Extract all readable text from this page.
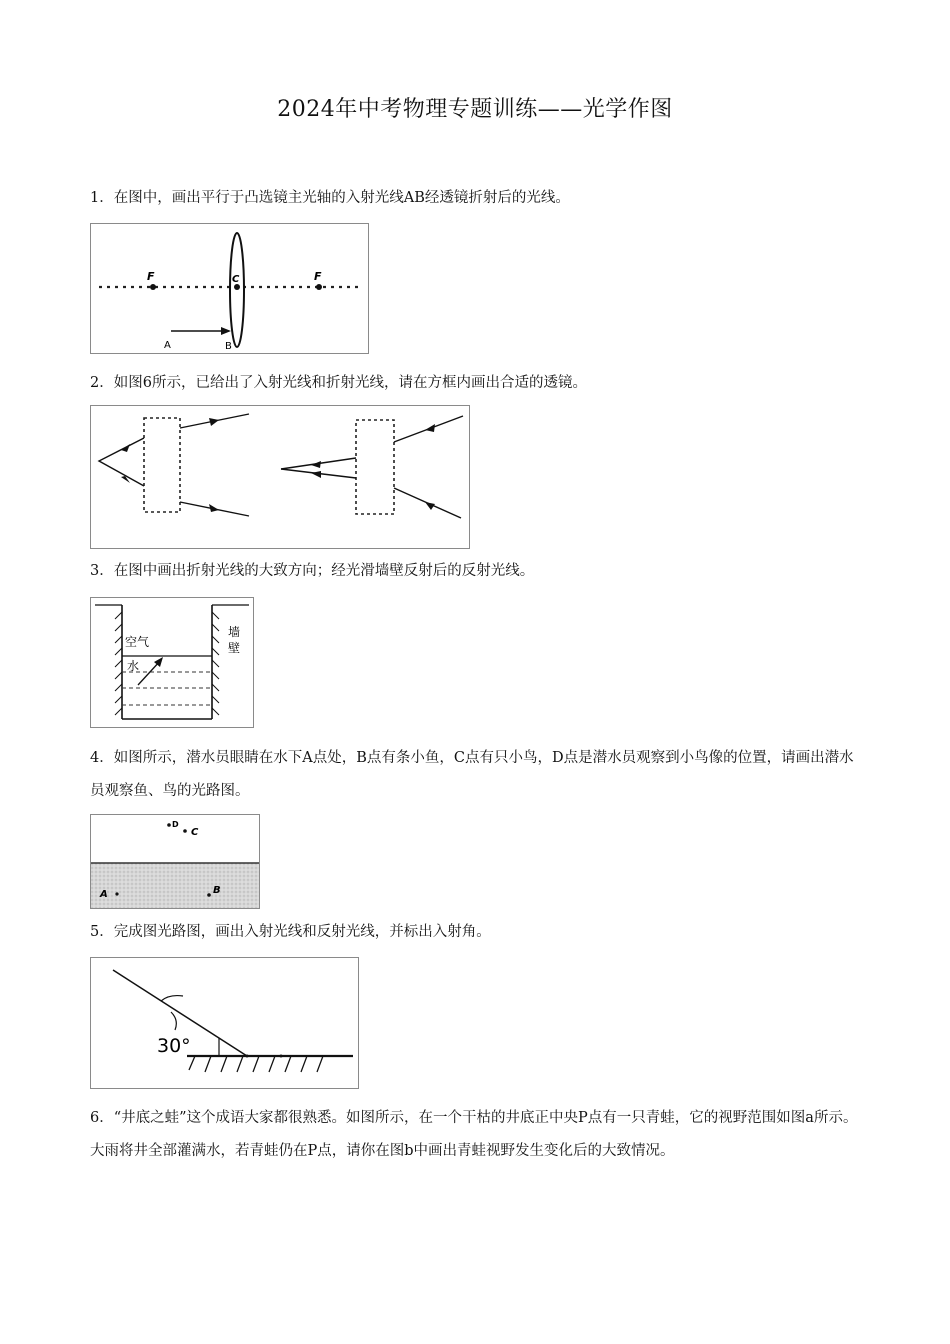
2024年中考物理专题训练——光学作图
1．在图中，画出平行于凸选镜主光轴的入射光线AB经透镜折射后的光线。
F	C	F
A	B
2．如图6所示，已给出了入射光线和折射光线，请在方框内画出合适的透镜。
3．在图中画出折射光线的大致方向；经光滑墙壁反射后的反射光线。
空气
水
墙
壁
4．如图所示，潜水员眼睛在水下A点处，B点有条小鱼，C点有只小鸟，D点是潜水员观察到小鸟像的位置，请画出潜水员观察鱼、鸟的光路图。
D
C
A	B
5．完成图光路图，画出入射光线和反射光线，并标出入射角。
30°
6．“井底之蛙”这个成语大家都很熟悉。如图所示，在一个干枯的井底正中央P点有一只青蛙，它的视野范围如图a所示。大雨将井全部灌满水，若青蛙仍在P点，请你在图b中画出青蛙视野发生变化后的大致情况。
